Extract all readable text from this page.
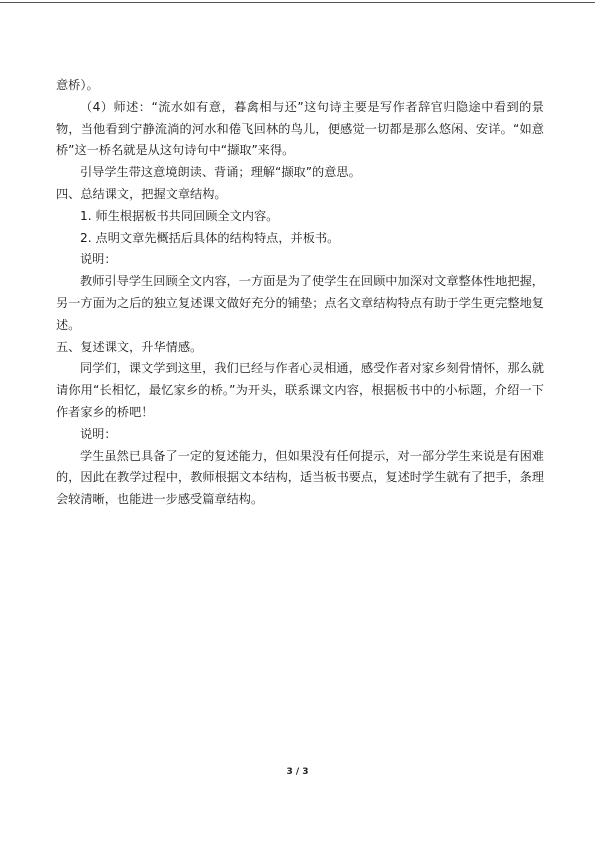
意桥）。
（4）师述：“流水如有意，暮禽相与还”这句诗主要是写作者辞官归隐途中看到的景
物，当他看到宁静流淌的河水和倦飞回林的鸟儿，便感觉一切都是那么悠闲、安详。“如意
桥”这一桥名就是从这句诗句中“撷取”来得。
引导学生带这意境朗读、背诵；理解“撷取”的意思。
四、总结课文，把握文章结构。
1. 师生根据板书共同回顾全文内容。
2. 点明文章先概括后具体的结构特点，并板书。
说明：
教师引导学生回顾全文内容，一方面是为了使学生在回顾中加深对文章整体性地把握，
另一方面为之后的独立复述课文做好充分的铺垫；点名文章结构特点有助于学生更完整地复
述。
五、复述课文，升华情感。
同学们，课文学到这里，我们已经与作者心灵相通，感受作者对家乡刻骨情怀，那么就
请你用“长相忆，最忆家乡的桥。”为开头，联系课文内容，根据板书中的小标题，介绍一下
作者家乡的桥吧！
说明：
学生虽然已具备了一定的复述能力，但如果没有任何提示，对一部分学生来说是有困难
的，因此在教学过程中，教师根据文本结构，适当板书要点，复述时学生就有了把手，条理
会较清晰，也能进一步感受篇章结构。
3 / 3
